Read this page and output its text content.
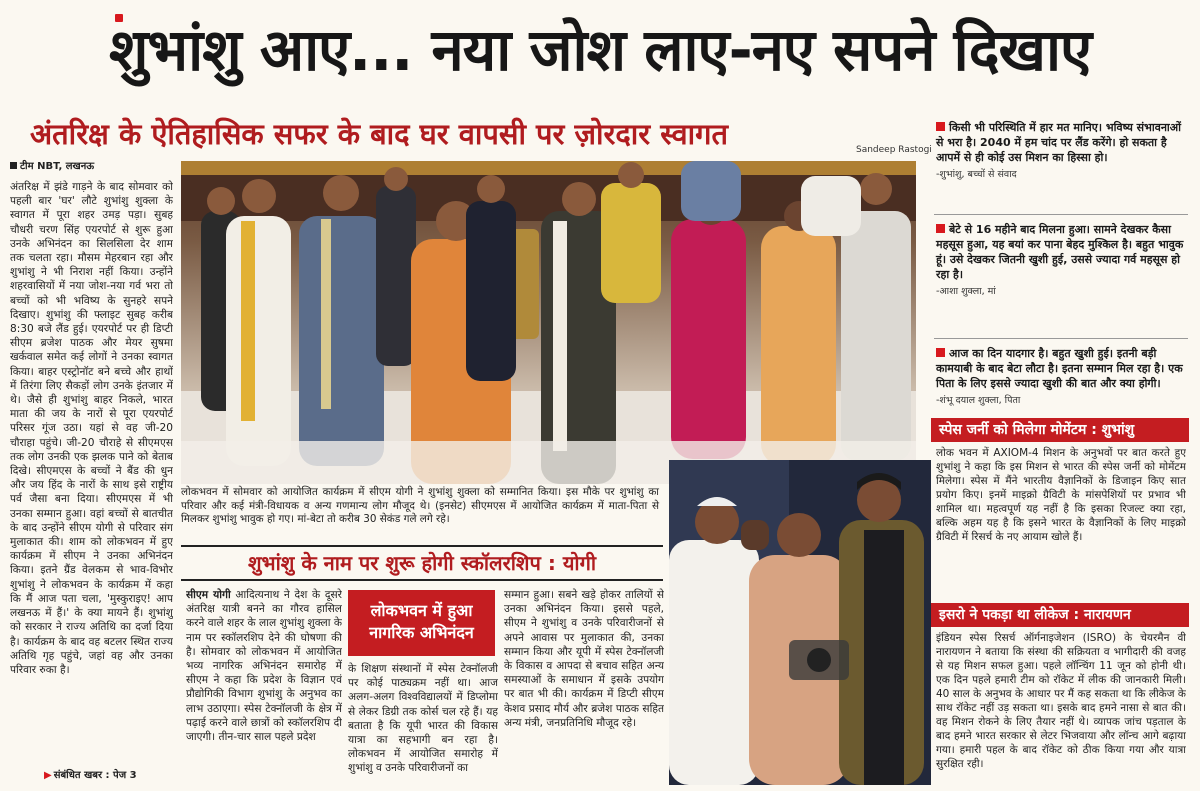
शुभांशु आए... नया जोश लाए-नए सपने दिखाए
अंतरिक्ष के ऐतिहासिक सफर के बाद घर वापसी पर ज़ोरदार स्वागत
टीम NBT, लखनऊ
अंतरिक्ष में झंडे गाड़ने के बाद सोमवार को पहली बार 'घर' लौटे शुभांशु शुक्ला के स्वागत में पूरा शहर उमड़ पड़ा। सुबह चौधरी चरण सिंह एयरपोर्ट से शुरू हुआ उनके अभिनंदन का सिलसिला देर शाम तक चलता रहा। मौसम मेहरबान रहा और शुभांशु ने भी निराश नहीं किया। उन्होंने शहरवासियों में नया जोश-नया गर्व भरा तो बच्चों को भी भविष्य के सुनहरे सपने दिखाए। शुभांशु की फ्लाइट सुबह करीब 8:30 बजे लैंड हुई। एयरपोर्ट पर ही डिप्टी सीएम ब्रजेश पाठक और मेयर सुषमा खर्कवाल समेत कई लोगों ने उनका स्वागत किया। बाहर एस्ट्रोनॉट बने बच्चे और हाथों में तिरंगा लिए सैकड़ों लोग उनके इंतजार में थे। जैसे ही शुभांशु बाहर निकले, भारत माता की जय के नारों से पूरा एयरपोर्ट परिसर गूंज उठा। यहां से वह जी-20 चौराहा पहुंचे। जी-20 चौराहे से सीएमएस तक लोग उनकी एक झलक पाने को बेताब दिखे। सीएमएस के बच्चों ने बैंड की धुन और जय हिंद के नारों के साथ इसे राष्ट्रीय पर्व जैसा बना दिया। सीएमएस में भी उनका सम्मान हुआ। वहां बच्चों से बातचीत के बाद उन्होंने सीएम योगी से परिवार संग मुलाकात की। शाम को लोकभवन में हुए कार्यक्रम में सीएम ने उनका अभिनंदन किया। इतने ग्रैंड वेलकम से भाव-विभोर शुभांशु ने लोकभवन के कार्यक्रम में कहा कि मैं आज पता चला, 'मुस्कुराइए! आप लखनऊ में हैं।' के क्या मायने हैं। शुभांशु को सरकार ने राज्य अतिथि का दर्जा दिया है। कार्यक्रम के बाद वह बटलर स्थित राज्य अतिथि गृह पहुंचे, जहां वह और उनका परिवार रुका है।
▶ संबंधित खबर : पेज 3
Sandeep Rastogi
लोकभवन में सोमवार को आयोजित कार्यक्रम में सीएम योगी ने शुभांशु शुक्ला को सम्मानित किया। इस मौके पर शुभांशु का परिवार और कई मंत्री-विधायक व अन्य गणमान्य लोग मौजूद थे। (इनसेट) सीएमएस में आयोजित कार्यक्रम में माता-पिता से मिलकर शुभांशु भावुक हो गए। मां-बेटा तो करीब 30 सेकंड गले लगे रहे।
शुभांशु के नाम पर शुरू होगी स्कॉलरशिप : योगी
सीएम योगी आदित्यनाथ ने देश के दूसरे अंतरिक्ष यात्री बनने का गौरव हासिल करने वाले शहर के लाल शुभांशु शुक्ला के नाम पर स्कॉलरशिप देने की घोषणा की है। सोमवार को लोकभवन में आयोजित भव्य नागरिक अभिनंदन समारोह में सीएम ने कहा कि प्रदेश के विज्ञान एवं प्रौद्योगिकी विभाग शुभांशु के अनुभव का लाभ उठाएगा। स्पेस टेक्नॉलजी के क्षेत्र में पढ़ाई करने वाले छात्रों को स्कॉलरशिप दी जाएगी। तीन-चार साल पहले प्रदेश
लोकभवन में हुआ नागरिक अभिनंदन
के शिक्षण संस्थानों में स्पेस टेक्नॉलजी पर कोई पाठ्यक्रम नहीं था। आज अलग-अलग विश्वविद्यालयों में डिप्लोमा से लेकर डिग्री तक कोर्स चल रहे हैं। यह बताता है कि यूपी भारत की विकास यात्रा का सहभागी बन रहा है। लोकभवन में आयोजित समारोह में शुभांशु व उनके परिवारीजनों का
सम्मान हुआ। सबने खड़े होकर तालियों से उनका अभिनंदन किया। इससे पहले, सीएम ने शुभांशु व उनके परिवारीजनों से अपने आवास पर मुलाकात की, उनका सम्मान किया और यूपी में स्पेस टेक्नॉलजी के विकास व आपदा से बचाव सहित अन्य समस्याओं के समाधान में इसके उपयोग पर बात भी की। कार्यक्रम में डिप्टी सीएम केशव प्रसाद मौर्य और ब्रजेश पाठक सहित अन्य मंत्री, जनप्रतिनिधि मौजूद रहे।
किसी भी परिस्थिति में हार मत मानिए। भविष्य संभावनाओं से भरा है। 2040 में हम चांद पर लैंड करेंगे। हो सकता है आपमें से ही कोई उस मिशन का हिस्सा हो।
-शुभांशु, बच्चों से संवाद
बेटे से 16 महीने बाद मिलना हुआ। सामने देखकर कैसा महसूस हुआ, यह बयां कर पाना बेहद मुश्किल है। बहुत भावुक हूं। उसे देखकर जितनी खुशी हुई, उससे ज्यादा गर्व महसूस हो रहा है।
-आशा शुक्ला, मां
आज का दिन यादगार है। बहुत खुशी हुई। इतनी बड़ी कामयाबी के बाद बेटा लौटा है। इतना सम्मान मिल रहा है। एक पिता के लिए इससे ज्यादा खुशी की बात और क्या होगी।
-शंभू दयाल शुक्ला, पिता
स्पेस जर्नी को मिलेगा मोमेंटम : शुभांशु
लोक भवन में AXIOM-4 मिशन के अनुभवों पर बात करते हुए शुभांशु ने कहा कि इस मिशन से भारत की स्पेस जर्नी को मोमेंटम मिलेगा। स्पेस में मैंने भारतीय वैज्ञानिकों के डिजाइन किए सात प्रयोग किए। इनमें माइक्रो ग्रैविटी के मांसपेशियों पर प्रभाव भी शामिल था। महत्वपूर्ण यह नहीं है कि इसका रिजल्ट क्या रहा, बल्कि अहम यह है कि इसने भारत के वैज्ञानिकों के लिए माइक्रो ग्रैविटी में रिसर्च के नए आयाम खोले हैं।
इसरो ने पकड़ा था लीकेज : नारायणन
इंडियन स्पेस रिसर्च ऑर्गनाइजेशन (ISRO) के चेयरमैन वी नारायणन ने बताया कि संस्था की सक्रियता व भागीदारी की वजह से यह मिशन सफल हुआ। पहले लॉन्चिंग 11 जून को होनी थी। एक दिन पहले हमारी टीम को रॉकेट में लीक की जानकारी मिली। 40 साल के अनुभव के आधार पर मैं कह सकता था कि लीकेज के साथ रॉकेट नहीं उड़ सकता था। इसके बाद हमने नासा से बात की। वह मिशन रोकने के लिए तैयार नहीं थे। व्यापक जांच पड़ताल के बाद हमने भारत सरकार से लेटर भिजवाया और लॉन्च आगे बढ़ाया गया। हमारी पहल के बाद रॉकेट को ठीक किया गया और यात्रा सुरक्षित रही।
